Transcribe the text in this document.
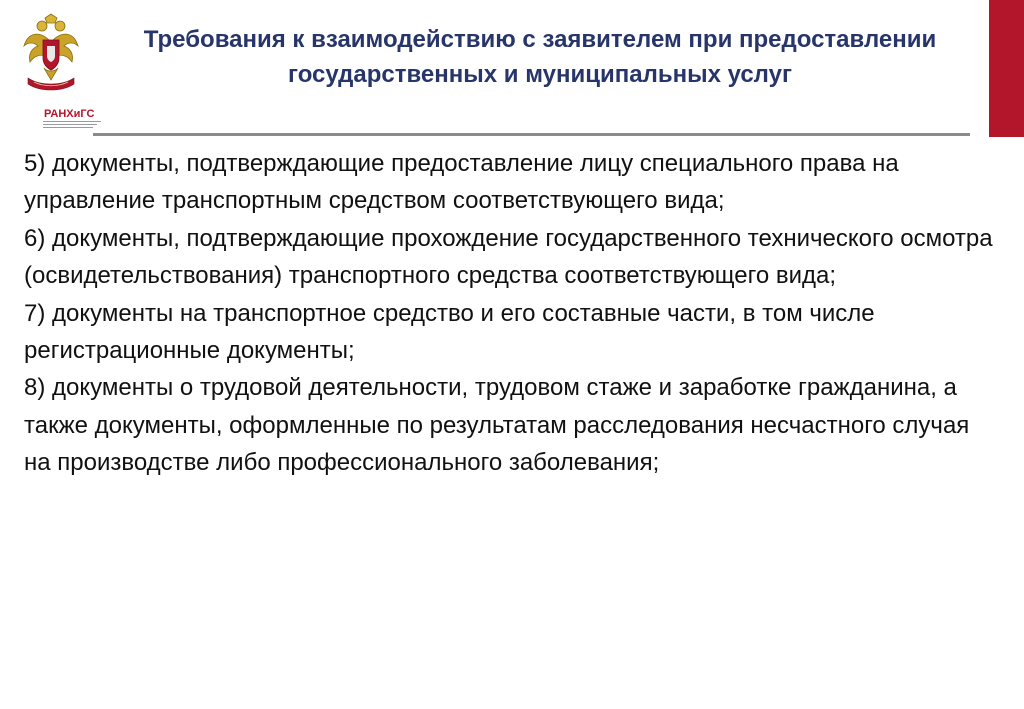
РАНХиГС
Требования к взаимодействию с заявителем при предоставлении государственных и муниципальных услуг

5) документы, подтверждающие предоставление лицу специального права на управление транспортным средством соответствующего вида;

6) документы, подтверждающие прохождение государственного технического осмотра (освидетельствования) транспортного средства соответствующего вида;

7) документы на транспортное средство и его составные части, в том числе регистрационные документы;

8) документы о трудовой деятельности, трудовом стаже и заработке гражданина, а также документы, оформленные по результатам расследования несчастного случая на производстве либо профессионального заболевания;
